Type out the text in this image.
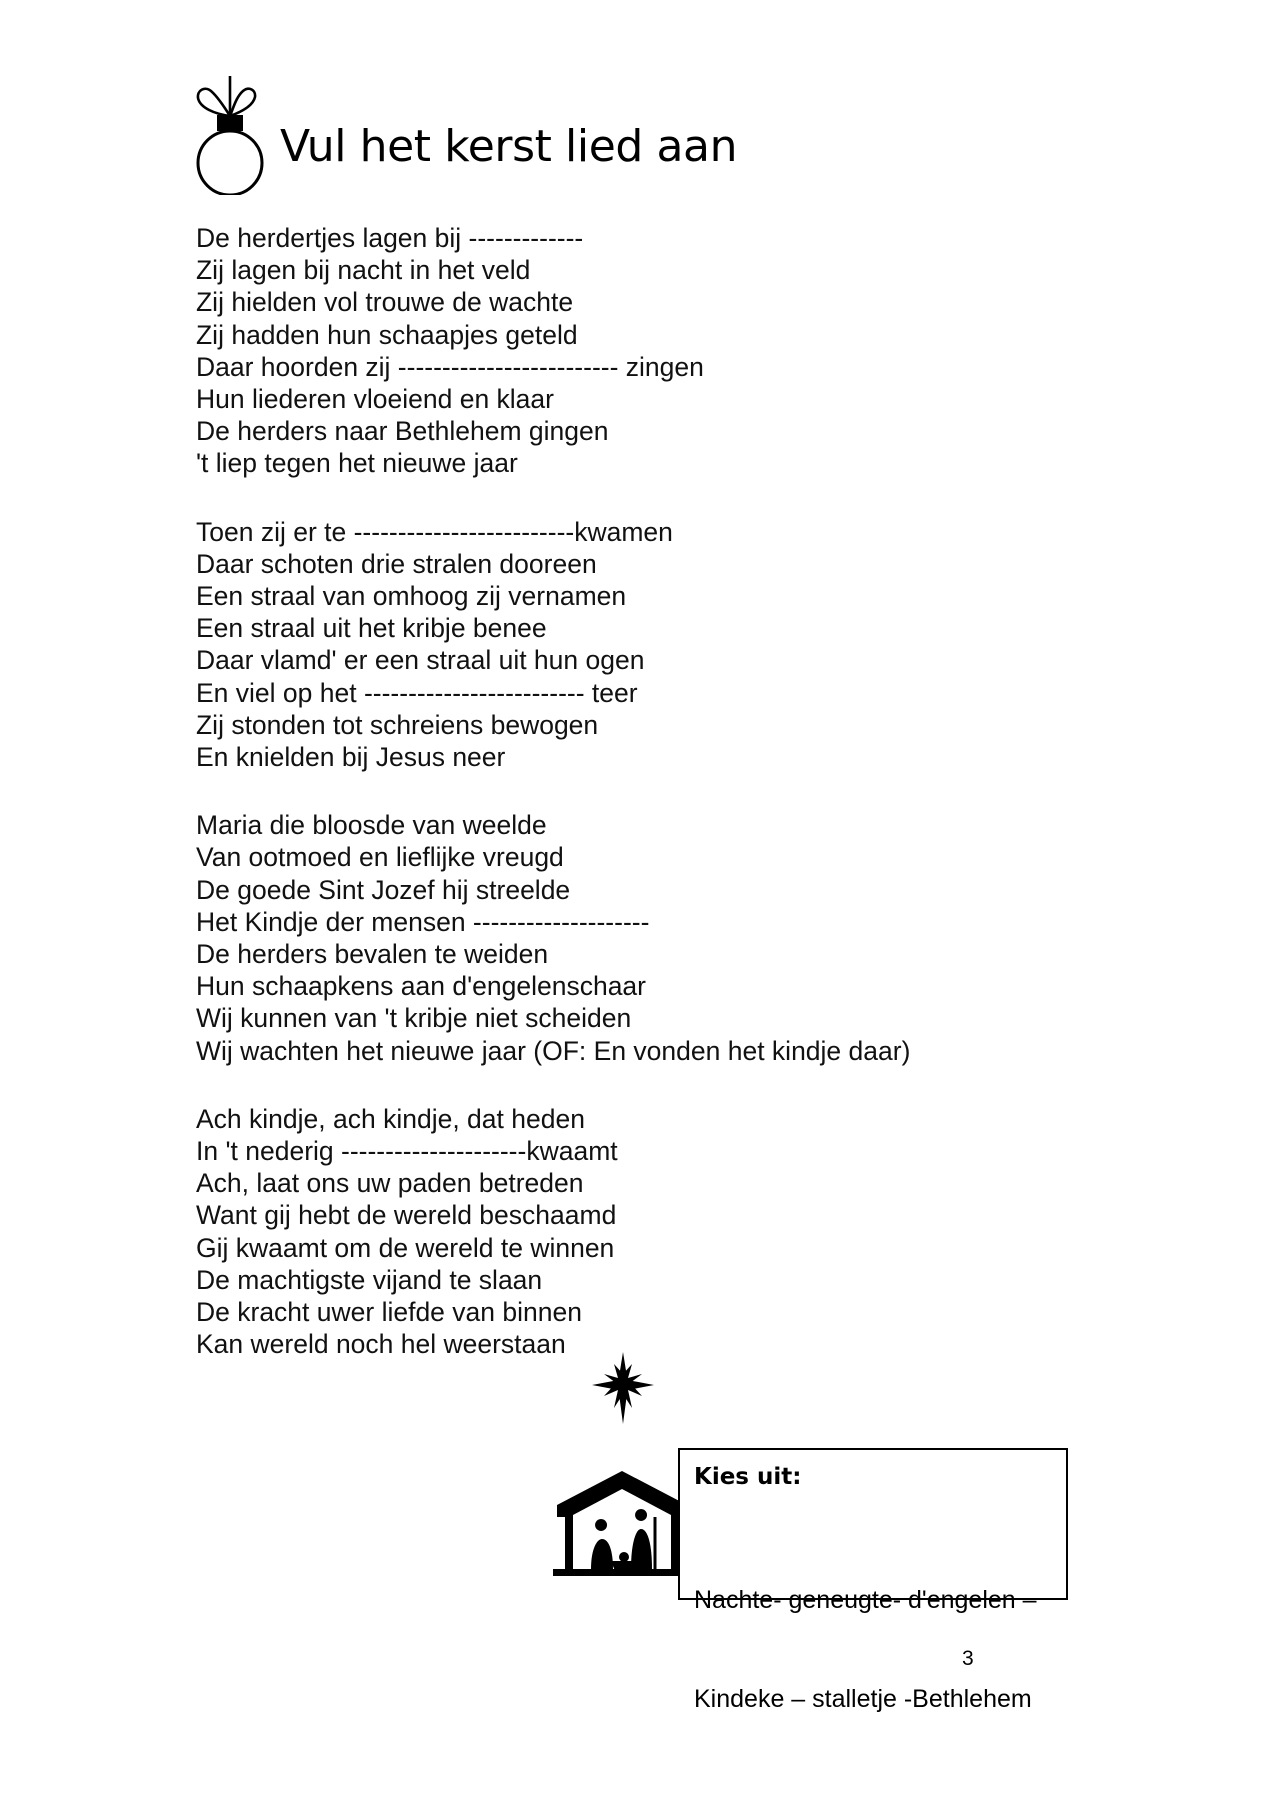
Vul het kerst lied aan
De herdertjes lagen bij -------------
Zij lagen bij nacht in het veld
Zij hielden vol trouwe de wachte
Zij hadden hun schaapjes geteld
Daar hoorden zij ------------------------- zingen
Hun liederen vloeiend en klaar
De herders naar Bethlehem gingen
't liep tegen het nieuwe jaar
Toen zij er te -------------------------kwamen
Daar schoten drie stralen dooreen
Een straal van omhoog zij vernamen
Een straal uit het kribje benee
Daar vlamd' er een straal uit hun ogen
En viel op het ------------------------- teer
Zij stonden tot schreiens bewogen
En knielden bij Jesus neer
Maria die bloosde van weelde
Van ootmoed en lieflijke vreugd
De goede Sint Jozef hij streelde
Het Kindje der mensen --------------------
De herders bevalen te weiden
Hun schaapkens aan d'engelenschaar
Wij kunnen van 't kribje niet scheiden
Wij wachten het nieuwe jaar (OF: En vonden het kindje daar)
Ach kindje, ach kindje, dat heden
In 't nederig ---------------------kwaamt
Ach, laat ons uw paden betreden
Want gij hebt de wereld beschaamd
Gij kwaamt om de wereld te winnen
De machtigste vijand te slaan
De kracht uwer liefde van binnen
Kan wereld noch hel weerstaan
Kies uit:

Nachte- geneugte- d'engelen –

Kindeke – stalletje -Bethlehem

3
